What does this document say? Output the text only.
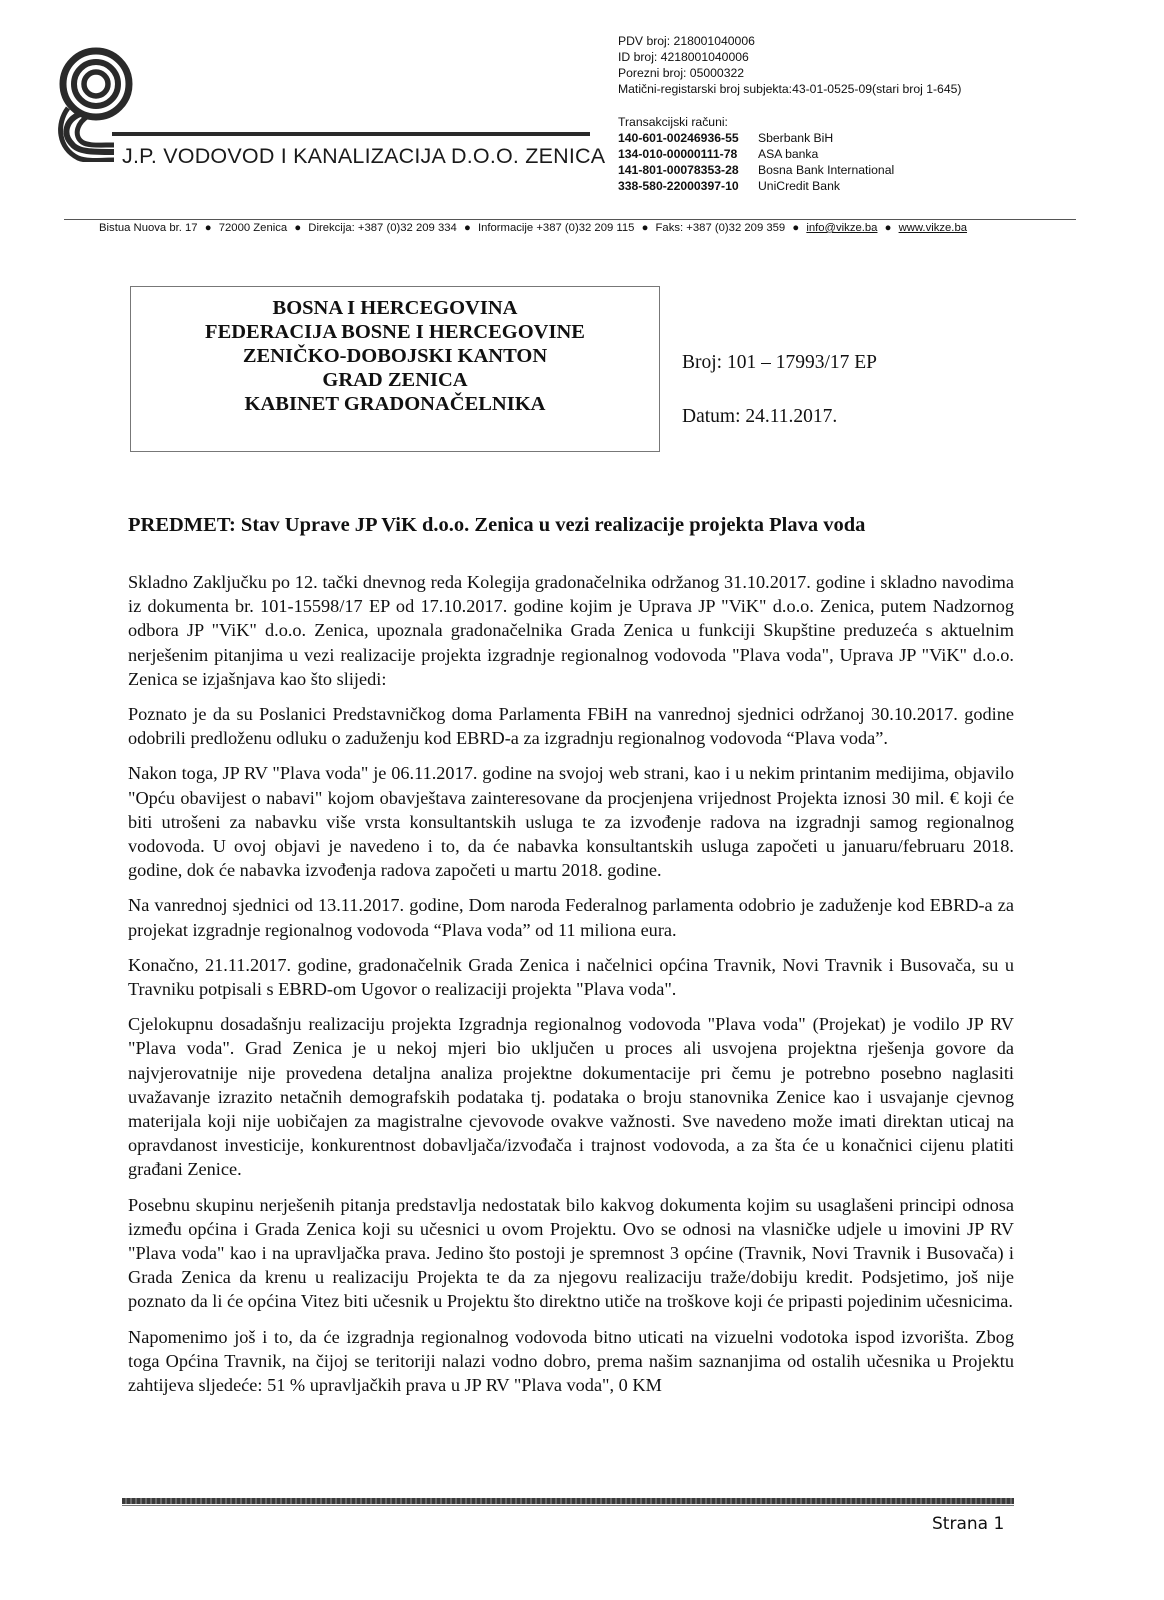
J.P. VODOVOD I KANALIZACIJA D.O.O. ZENICA
PDV broj: 218001040006
ID broj: 4218001040006
Porezni broj: 05000322
Matični-registarski broj subjekta:43-01-0525-09(stari broj 1-645)
Transakcijski računi:
140-601-00246936-55 Sberbank BiH
134-010-00000111-78 ASA banka
141-801-00078353-28 Bosna Bank International
338-580-22000397-10 UniCredit Bank
Bistua Nuova br. 17 ● 72000 Zenica ● Direkcija: +387 (0)32 209 334 ● Informacije +387 (0)32 209 115 ● Faks: +387 (0)32 209 359 ● info@vikze.ba ● www.vikze.ba
BOSNA I HERCEGOVINA
FEDERACIJA BOSNE I HERCEGOVINE
ZENIČKO-DOBOJSKI KANTON
GRAD ZENICA
KABINET GRADONAČELNIKA
Broj: 101 – 17993/17 EP
Datum: 24.11.2017.
PREDMET: Stav Uprave JP ViK d.o.o. Zenica u vezi realizacije projekta Plava voda

Skladno Zaključku po 12. tački dnevnog reda Kolegija gradonačelnika održanog 31.10.2017. godine i skladno navodima iz dokumenta br. 101-15598/17 EP od 17.10.2017. godine kojim je Uprava JP "ViK" d.o.o. Zenica, putem Nadzornog odbora JP "ViK" d.o.o. Zenica, upoznala gradonačelnika Grada Zenica u funkciji Skupštine preduzeća s aktuelnim nerješenim pitanjima u vezi realizacije projekta izgradnje regionalnog vodovoda "Plava voda", Uprava JP "ViK" d.o.o. Zenica se izjašnjava kao što slijedi:

Poznato je da su Poslanici Predstavničkog doma Parlamenta FBiH na vanrednoj sjednici održanoj 30.10.2017. godine odobrili predloženu odluku o zaduženju kod EBRD-a za izgradnju regionalnog vodovoda “Plava voda”.

Nakon toga, JP RV "Plava voda" je 06.11.2017. godine na svojoj web strani, kao i u nekim printanim medijima, objavilo "Opću obavijest o nabavi" kojom obavještava zainteresovane da procjenjena vrijednost Projekta iznosi 30 mil. € koji će biti utrošeni za nabavku više vrsta konsultantskih usluga te za izvođenje radova na izgradnji samog regionalnog vodovoda. U ovoj objavi je navedeno i to, da će nabavka konsultantskih usluga započeti u januaru/februaru 2018. godine, dok će nabavka izvođenja radova započeti u martu 2018. godine.

Na vanrednoj sjednici od 13.11.2017. godine, Dom naroda Federalnog parlamenta odobrio je zaduženje kod EBRD-a za projekat izgradnje regionalnog vodovoda “Plava voda” od 11 miliona eura.

Konačno, 21.11.2017. godine, gradonačelnik Grada Zenica i načelnici općina Travnik, Novi Travnik i Busovača, su u Travniku potpisali s EBRD-om Ugovor o realizaciji projekta "Plava voda".

Cjelokupnu dosadašnju realizaciju projekta Izgradnja regionalnog vodovoda "Plava voda" (Projekat) je vodilo JP RV "Plava voda". Grad Zenica je u nekoj mjeri bio uključen u proces ali usvojena projektna rješenja govore da najvjerovatnije nije provedena detaljna analiza projektne dokumentacije pri čemu je potrebno posebno naglasiti uvažavanje izrazito netačnih demografskih podataka tj. podataka o broju stanovnika Zenice kao i usvajanje cjevnog materijala koji nije uobičajen za magistralne cjevovode ovakve važnosti. Sve navedeno može imati direktan uticaj na opravdanost investicije, konkurentnost dobavljača/izvođača i trajnost vodovoda, a za šta će u konačnici cijenu platiti građani Zenice.

Posebnu skupinu nerješenih pitanja predstavlja nedostatak bilo kakvog dokumenta kojim su usaglašeni principi odnosa između općina i Grada Zenica koji su učesnici u ovom Projektu. Ovo se odnosi na vlasničke udjele u imovini JP RV "Plava voda" kao i na upravljačka prava. Jedino što postoji je spremnost 3 općine (Travnik, Novi Travnik i Busovača) i Grada Zenica da krenu u realizaciju Projekta te da za njegovu realizaciju traže/dobiju kredit. Podsjetimo, još nije poznato da li će općina Vitez biti učesnik u Projektu što direktno utiče na troškove koji će pripasti pojedinim učesnicima.

Napomenimo još i to, da će izgradnja regionalnog vodovoda bitno uticati na vizuelni vodotoka ispod izvorišta. Zbog toga Općina Travnik, na čijoj se teritoriji nalazi vodno dobro, prema našim saznanjima od ostalih učesnika u Projektu zahtijeva sljedeće: 51 % upravljačkih prava u JP RV "Plava voda", 0 KM

Strana 1
